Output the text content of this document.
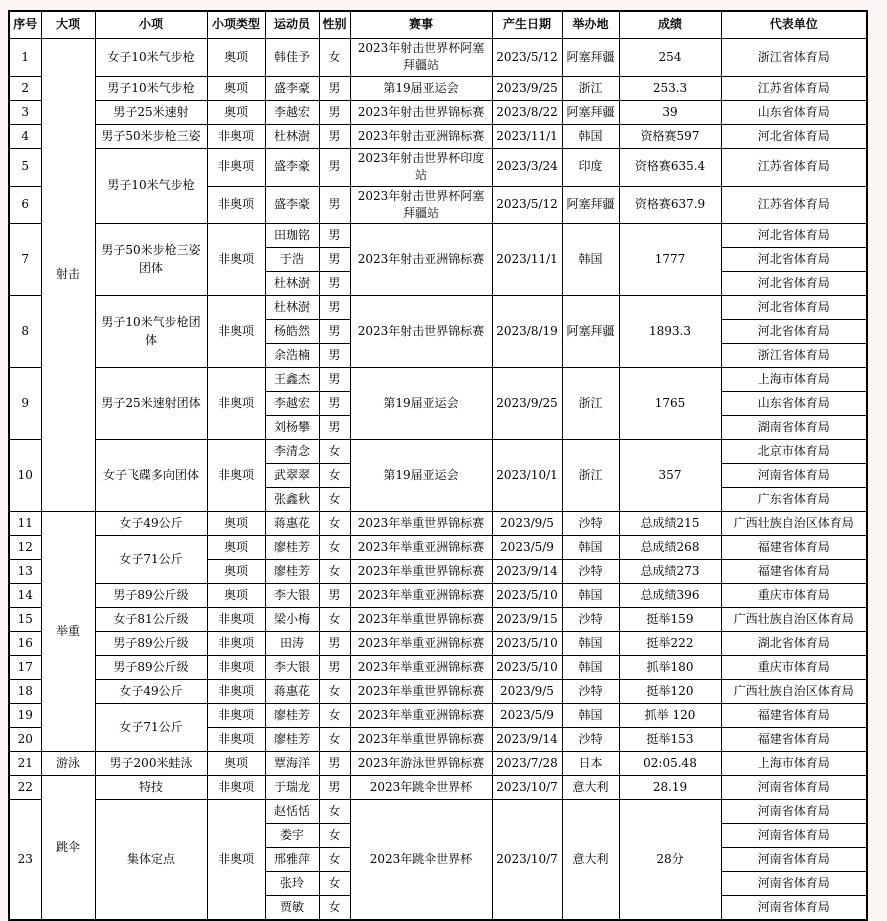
序号	大项	小项	小项类型	运动员	性别	赛事	产生日期	举办地	成绩	代表单位
1	射击	女子10米气步枪	奥项	韩佳予	女	2023年射击世界杯阿塞拜疆站	2023/5/12	阿塞拜疆	254	浙江省体育局
2		男子10米气步枪	奥项	盛李豪	男	第19届亚运会	2023/9/25	浙江	253.3	江苏省体育局
3		男子25米速射	奥项	李越宏	男	2023年射击世界锦标赛	2023/8/22	阿塞拜疆	39	山东省体育局
4		男子50米步枪三姿	非奥项	杜林澍	男	2023年射击亚洲锦标赛	2023/11/1	韩国	资格赛597	河北省体育局
5		男子10米气步枪	非奥项	盛李豪	男	2023年射击世界杯印度站	2023/3/24	印度	资格赛635.4	江苏省体育局
6			非奥项	盛李豪	男	2023年射击世界杯阿塞拜疆站	2023/5/12	阿塞拜疆	资格赛637.9	江苏省体育局
7		男子50米步枪三姿团体	非奥项	田珈铭	男	2023年射击亚洲锦标赛	2023/11/1	韩国	1777	河北省体育局
				于浩	男					河北省体育局
				杜林澍	男					河北省体育局
8		男子10米气步枪团体	非奥项	杜林澍	男	2023年射击世界锦标赛	2023/8/19	阿塞拜疆	1893.3	河北省体育局
				杨皓然	男					河北省体育局
				余浩楠	男					浙江省体育局
9		男子25米速射团体	非奥项	王鑫杰	男	第19届亚运会	2023/9/25	浙江	1765	上海市体育局
				李越宏	男					山东省体育局
				刘杨攀	男					湖南省体育局
10		女子飞碟多向团体	非奥项	李清念	女	第19届亚运会	2023/10/1	浙江	357	北京市体育局
				武翠翠	女					河南省体育局
				张鑫秋	女					广东省体育局
11	举重	女子49公斤	奥项	蒋惠花	女	2023年举重世界锦标赛	2023/9/5	沙特	总成绩215	广西壮族自治区体育局
12		女子71公斤	奥项	廖桂芳	女	2023年举重亚洲锦标赛	2023/5/9	韩国	总成绩268	福建省体育局
13			奥项	廖桂芳	女	2023年举重世界锦标赛	2023/9/14	沙特	总成绩273	福建省体育局
14		男子89公斤级	奥项	李大银	男	2023年举重亚洲锦标赛	2023/5/10	韩国	总成绩396	重庆市体育局
15		女子81公斤级	非奥项	梁小梅	女	2023年举重世界锦标赛	2023/9/15	沙特	挺举159	广西壮族自治区体育局
16		男子89公斤级	非奥项	田涛	男	2023年举重亚洲锦标赛	2023/5/10	韩国	挺举222	湖北省体育局
17		男子89公斤级	非奥项	李大银	男	2023年举重亚洲锦标赛	2023/5/10	韩国	抓举180	重庆市体育局
18		女子49公斤	非奥项	蒋惠花	女	2023年举重世界锦标赛	2023/9/5	沙特	挺举120	广西壮族自治区体育局
19		女子71公斤	非奥项	廖桂芳	女	2023年举重亚洲锦标赛	2023/5/9	韩国	抓举 120	福建省体育局
20			非奥项	廖桂芳	女	2023年举重世界锦标赛	2023/9/14	沙特	挺举153	福建省体育局
21	游泳	男子200米蛙泳	奥项	覃海洋	男	2023年游泳世界锦标赛	2023/7/28	日本	02:05.48	上海市体育局
22	跳伞	特技	非奥项	于瑞龙	男	2023年跳伞世界杯	2023/10/7	意大利	28.19	河南省体育局
23		集体定点	非奥项	赵恬恬	女	2023年跳伞世界杯	2023/10/7	意大利	28分	河南省体育局
				娄宇	女					河南省体育局
				邢雅萍	女					河南省体育局
				张玲	女					河南省体育局
				贾敏	女					河南省体育局
